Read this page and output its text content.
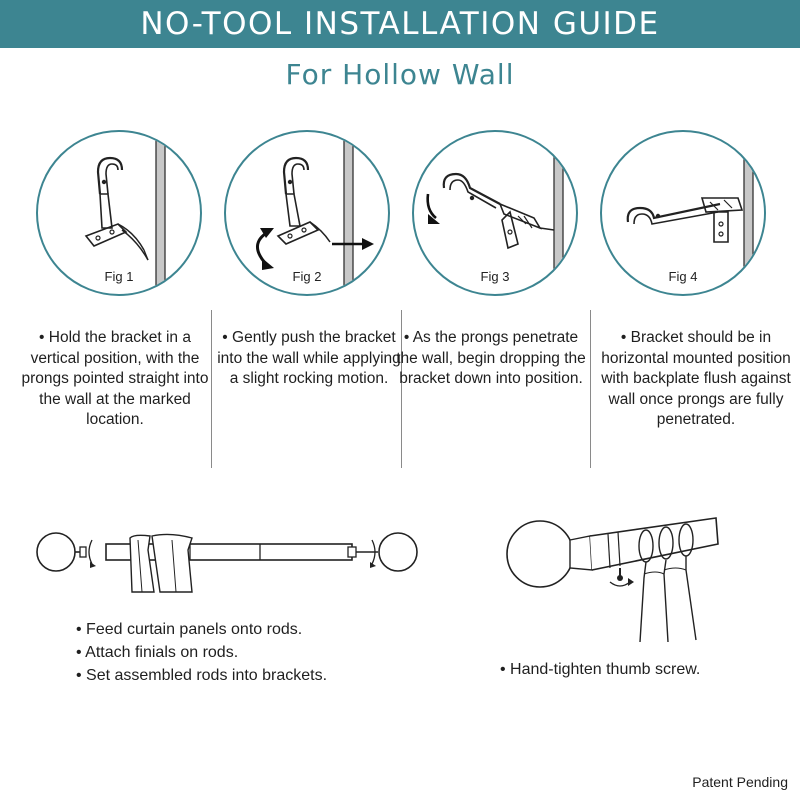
NO-TOOL INSTALLATION GUIDE
For Hollow Wall
Fig 1	Fig 2	Fig 3	Fig 4
• Hold the bracket in a vertical position, with the prongs pointed straight into the wall at the marked location.
• Gently push the bracket into the wall while applying a slight rocking motion.
• As the prongs penetrate the wall, begin dropping the bracket down into position.
• Bracket should be in horizontal mounted position with backplate flush against wall once prongs are fully penetrated.
• Feed curtain panels onto rods.
• Attach finials on rods.
• Set assembled rods into brackets.
•	Hand-tighten thumb screw.
Patent Pending
